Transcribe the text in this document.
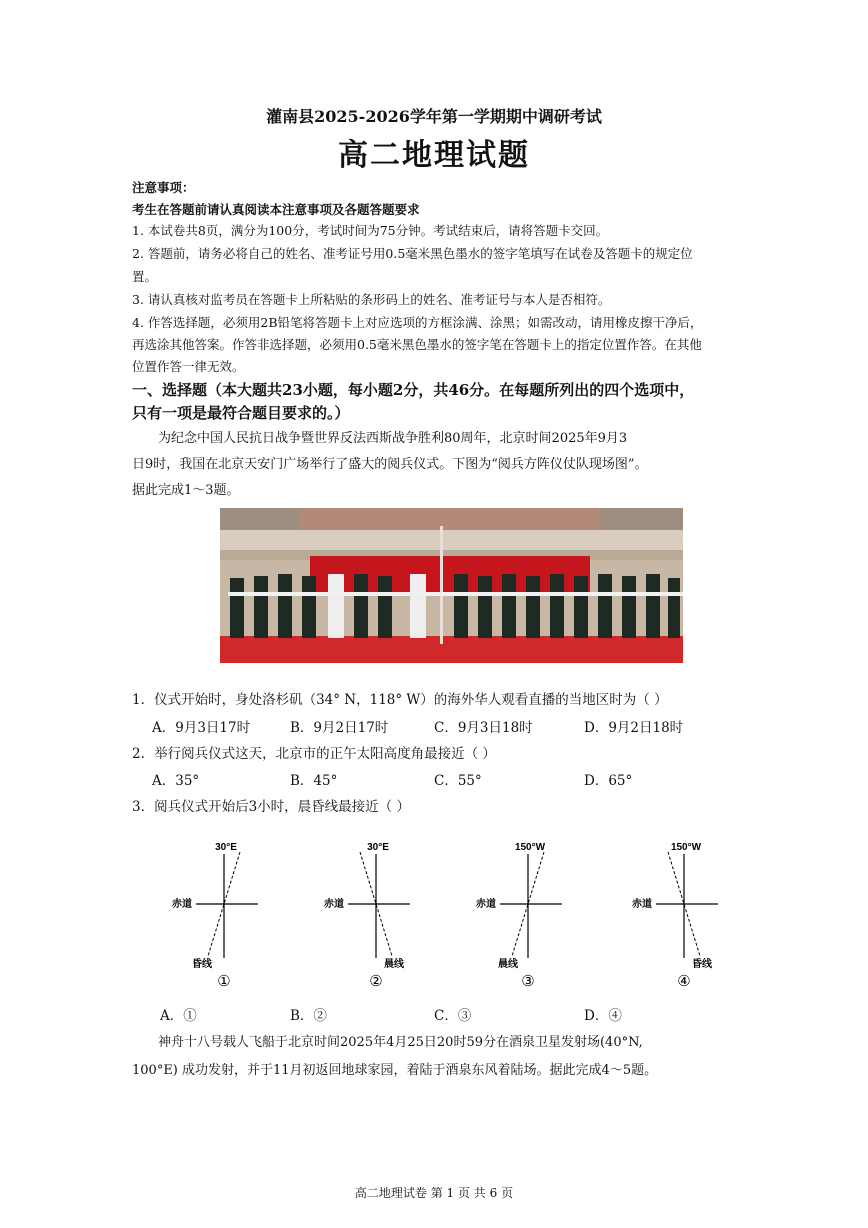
灌南县2025-2026学年第一学期期中调研考试
高二地理试题
注意事项：
考生在答题前请认真阅读本注意事项及各题答题要求
1. 本试卷共8页，满分为100分，考试时间为75分钟。考试结束后，请将答题卡交回。
2. 答题前，请务必将自己的姓名、准考证号用0.5毫米黑色墨水的签字笔填写在试卷及答题卡的规定位
置。
3. 请认真核对监考员在答题卡上所粘贴的条形码上的姓名、准考证号与本人是否相符。
4. 作答选择题，必须用2B铅笔将答题卡上对应选项的方框涂满、涂黑；如需改动，请用橡皮擦干净后，
再选涂其他答案。作答非选择题，必须用0.5毫米黑色墨水的签字笔在答题卡上的指定位置作答。在其他
位置作答一律无效。
一、选择题（本大题共23小题，每小题2分，共46分。在每题所列出的四个选项中，
只有一项是最符合题目要求的。）
为纪念中国人民抗日战争暨世界反法西斯战争胜利80周年，北京时间2025年9月3
日9时，我国在北京天安门广场举行了盛大的阅兵仪式。下图为“阅兵方阵仪仗队现场图”。
据此完成1～3题。
1．仪式开始时，身处洛杉矶（34° N，118° W）的海外华人观看直播的当地区时为（ ）
A．9月3日17时	B．9月2日17时	C．9月3日18时	D．9月2日18时
2．举行阅兵仪式这天，北京市的正午太阳高度角最接近（ ）
A．35°	B．45°	C．55°	D．65°
3．阅兵仪式开始后3小时，晨昏线最接近（ ）
30°E
赤道
昏线
①
30°E
赤道
晨线
②
150°W
赤道
晨线
③
150°W
赤道
昏线
④
A．①	B．②	C．③	D．④
神舟十八号载人飞船于北京时间2025年4月25日20时59分在酒泉卫星发射场(40°N,
100°E) 成功发射，并于11月初返回地球家园，着陆于酒泉东风着陆场。据此完成4～5题。
高二地理试卷 第 1 页 共 6 页
